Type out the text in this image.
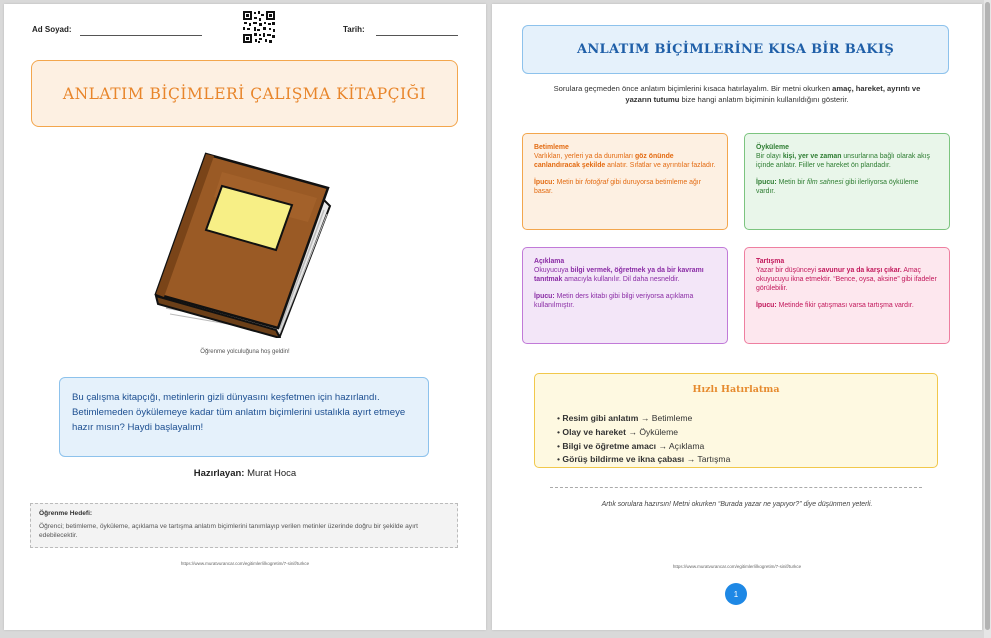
Ad Soyad:	Tarih:
ANLATIM BİÇİMLERİ ÇALIŞMA KİTAPÇIĞI
Öğrenme yolculuğuna hoş geldin!
Bu çalışma kitapçığı, metinlerin gizli dünyasını keşfetmen için hazırlandı. Betimlemeden öykülemeye kadar tüm anlatım biçimlerini ustalıkla ayırt etmeye hazır mısın? Haydi başlayalım!
Hazırlayan: Murat Hoca
Öğrenme Hedefi:
Öğrenci; betimleme, öyküleme, açıklama ve tartışma anlatım biçimlerini tanımlayıp verilen metinler üzerinde doğru bir şekilde ayırt edebilecektir.
https://www.muratvurancar.com/egitimler/ilkogretim/7-sinif/turkce
ANLATIM BİÇİMLERİNE KISA BİR BAKIŞ
Sorulara geçmeden önce anlatım biçimlerini kısaca hatırlayalım. Bir metni okurken amaç, hareket, ayrıntı ve yazarın tutumu bize hangi anlatım biçiminin kullanıldığını gösterir.
Betimleme
Varlıkları, yerleri ya da durumları göz önünde canlandıracak şekilde anlatır. Sıfatlar ve ayrıntılar fazladır.
İpucu: Metin bir fotoğraf gibi duruyorsa betimleme ağır basar.
Öyküleme
Bir olayı kişi, yer ve zaman unsurlarına bağlı olarak akış içinde anlatır. Fiiller ve hareket ön plandadır.
İpucu: Metin bir film sahnesi gibi ilerliyorsa öyküleme vardır.
Açıklama
Okuyucuya bilgi vermek, öğretmek ya da bir kavramı tanıtmak amacıyla kullanılır. Dil daha nesneldir.
İpucu: Metin ders kitabı gibi bilgi veriyorsa açıklama kullanılmıştır.
Tartışma
Yazar bir düşünceyi savunur ya da karşı çıkar. Amaç okuyucuyu ikna etmektir. “Bence, oysa, aksine” gibi ifadeler görülebilir.
İpucu: Metinde fikir çatışması varsa tartışma vardır.
Hızlı Hatırlatma
• Resim gibi anlatım → Betimleme
• Olay ve hareket → Öyküleme
• Bilgi ve öğretme amacı → Açıklama
• Görüş bildirme ve ikna çabası → Tartışma
Artık sorulara hazırsın! Metni okurken “Burada yazar ne yapıyor?” diye düşünmen yeterli.
https://www.muratvurancar.com/egitimler/ilkogretim/7-sinif/turkce
1
